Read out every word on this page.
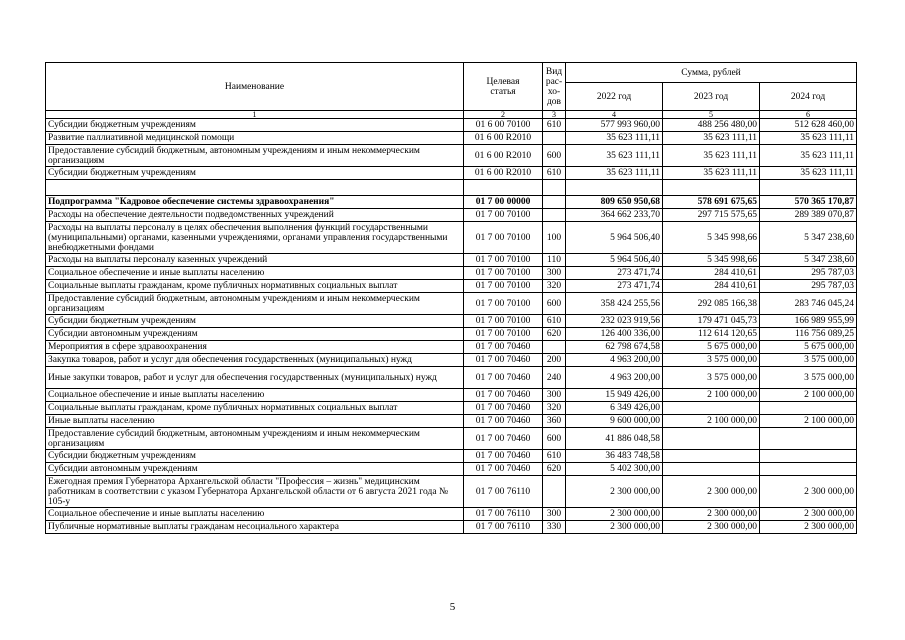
Наименование	Целевая статья	Вид рас-хо-дов	Сумма, рублей		
			2022 год	2023 год	2024 год
1	2	3	4	5	6
Субсидии бюджетным учреждениям	01 6 00 70100	610	577 993 960,00	488 256 480,00	512 628 460,00
Развитие паллиативной медицинской помощи	01 6 00 R2010		35 623 111,11	35 623 111,11	35 623 111,11
Предоставление субсидий бюджетным, автономным учреждениям и иным некоммерческим организациям	01 6 00 R2010	600	35 623 111,11	35 623 111,11	35 623 111,11
Субсидии бюджетным учреждениям	01 6 00 R2010	610	35 623 111,11	35 623 111,11	35 623 111,11

Подпрограмма "Кадровое обеспечение системы здравоохранения"	01 7 00 00000		809 650 950,68	578 691 675,65	570 365 170,87
Расходы на обеспечение деятельности подведомственных учреждений	01 7 00 70100		364 662 233,70	297 715 575,65	289 389 070,87
Расходы на выплаты персоналу в целях обеспечения выполнения функций государственными (муниципальными) органами, казенными учреждениями, органами управления государственными внебюджетными фондами	01 7 00 70100	100	5 964 506,40	5 345 998,66	5 347 238,60
Расходы на выплаты персоналу казенных учреждений	01 7 00 70100	110	5 964 506,40	5 345 998,66	5 347 238,60
Социальное обеспечение и иные выплаты населению	01 7 00 70100	300	273 471,74	284 410,61	295 787,03
Социальные выплаты гражданам, кроме публичных нормативных социальных выплат	01 7 00 70100	320	273 471,74	284 410,61	295 787,03
Предоставление субсидий бюджетным, автономным учреждениям и иным некоммерческим организациям	01 7 00 70100	600	358 424 255,56	292 085 166,38	283 746 045,24
Субсидии бюджетным учреждениям	01 7 00 70100	610	232 023 919,56	179 471 045,73	166 989 955,99
Субсидии автономным учреждениям	01 7 00 70100	620	126 400 336,00	112 614 120,65	116 756 089,25
Мероприятия в сфере здравоохранения	01 7 00 70460		62 798 674,58	5 675 000,00	5 675 000,00
Закупка товаров, работ и услуг для обеспечения государственных (муниципальных) нужд	01 7 00 70460	200	4 963 200,00	3 575 000,00	3 575 000,00
Иные закупки товаров, работ и услуг для обеспечения государственных (муниципальных) нужд	01 7 00 70460	240	4 963 200,00	3 575 000,00	3 575 000,00
Социальное обеспечение и иные выплаты населению	01 7 00 70460	300	15 949 426,00	2 100 000,00	2 100 000,00
Социальные выплаты гражданам, кроме публичных нормативных социальных выплат	01 7 00 70460	320	6 349 426,00		
Иные выплаты населению	01 7 00 70460	360	9 600 000,00	2 100 000,00	2 100 000,00
Предоставление субсидий бюджетным, автономным учреждениям и иным некоммерческим организациям	01 7 00 70460	600	41 886 048,58		
Субсидии бюджетным учреждениям	01 7 00 70460	610	36 483 748,58		
Субсидии автономным учреждениям	01 7 00 70460	620	5 402 300,00		
Ежегодная премия Губернатора Архангельской области "Профессия – жизнь" медицинским работникам в соответствии с указом Губернатора Архангельской области от 6 августа 2021 года № 105-у	01 7 00 76110		2 300 000,00	2 300 000,00	2 300 000,00
Социальное обеспечение и иные выплаты населению	01 7 00 76110	300	2 300 000,00	2 300 000,00	2 300 000,00
Публичные нормативные выплаты гражданам несоциального характера	01 7 00 76110	330	2 300 000,00	2 300 000,00	2 300 000,00
5
